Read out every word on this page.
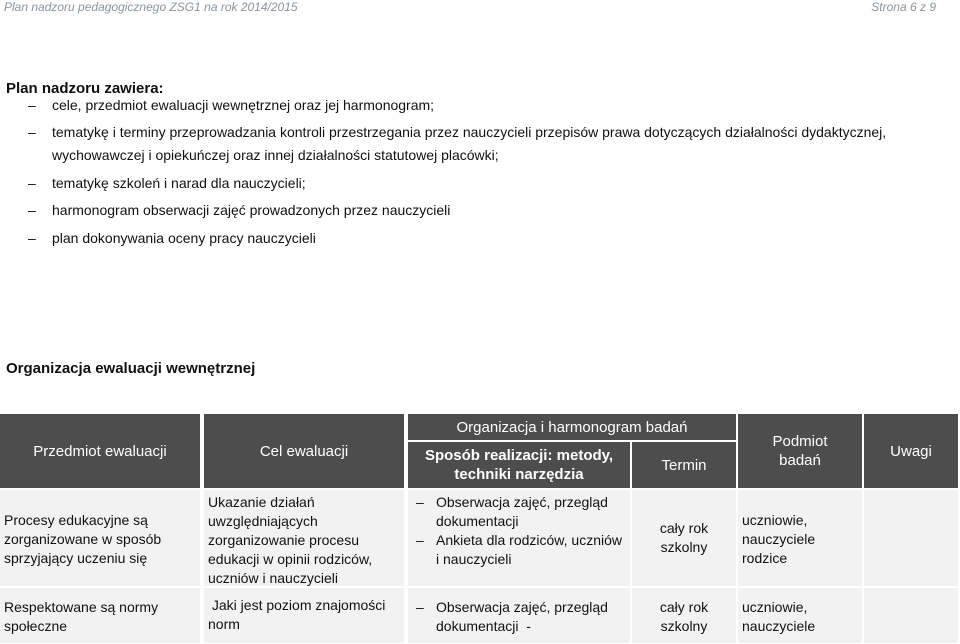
Plan nadzoru pedagogicznego ZSG1 na rok 2014/2015	Strona 6 z 9
Plan nadzoru zawiera:
– cele, przedmiot ewaluacji wewnętrznej oraz jej harmonogram;
– tematykę i terminy przeprowadzania kontroli przestrzegania przez nauczycieli przepisów prawa dotyczących działalności dydaktycznej, wychowawczej i opiekuńczej oraz innej działalności statutowej placówki;
– tematykę szkoleń i narad dla nauczycieli;
– harmonogram obserwacji zajęć prowadzonych przez nauczycieli
– plan dokonywania oceny pracy nauczycieli
Organizacja ewaluacji wewnętrznej
Przedmiot ewaluacji	Cel ewaluacji
Organizacja i harmonogram badań
Sposób realizacji: metody, techniki narzędzia
Termin
Podmiot badań
Uwagi
Procesy edukacyjne są zorganizowane w sposób sprzyjający uczeniu się
Ukazanie działań uwzględniających zorganizowanie procesu edukacji w opinii rodziców, uczniów i nauczycieli
– Obserwacja zajęć, przegląd dokumentacji
– Ankieta dla rodziców, uczniów i nauczycieli
cały rok szkolny
uczniowie, nauczyciele rodzice
Respektowane są normy społeczne
Jaki jest poziom znajomości norm
– Obserwacja zajęć, przegląd dokumentacji  -
cały rok szkolny
uczniowie, nauczyciele
